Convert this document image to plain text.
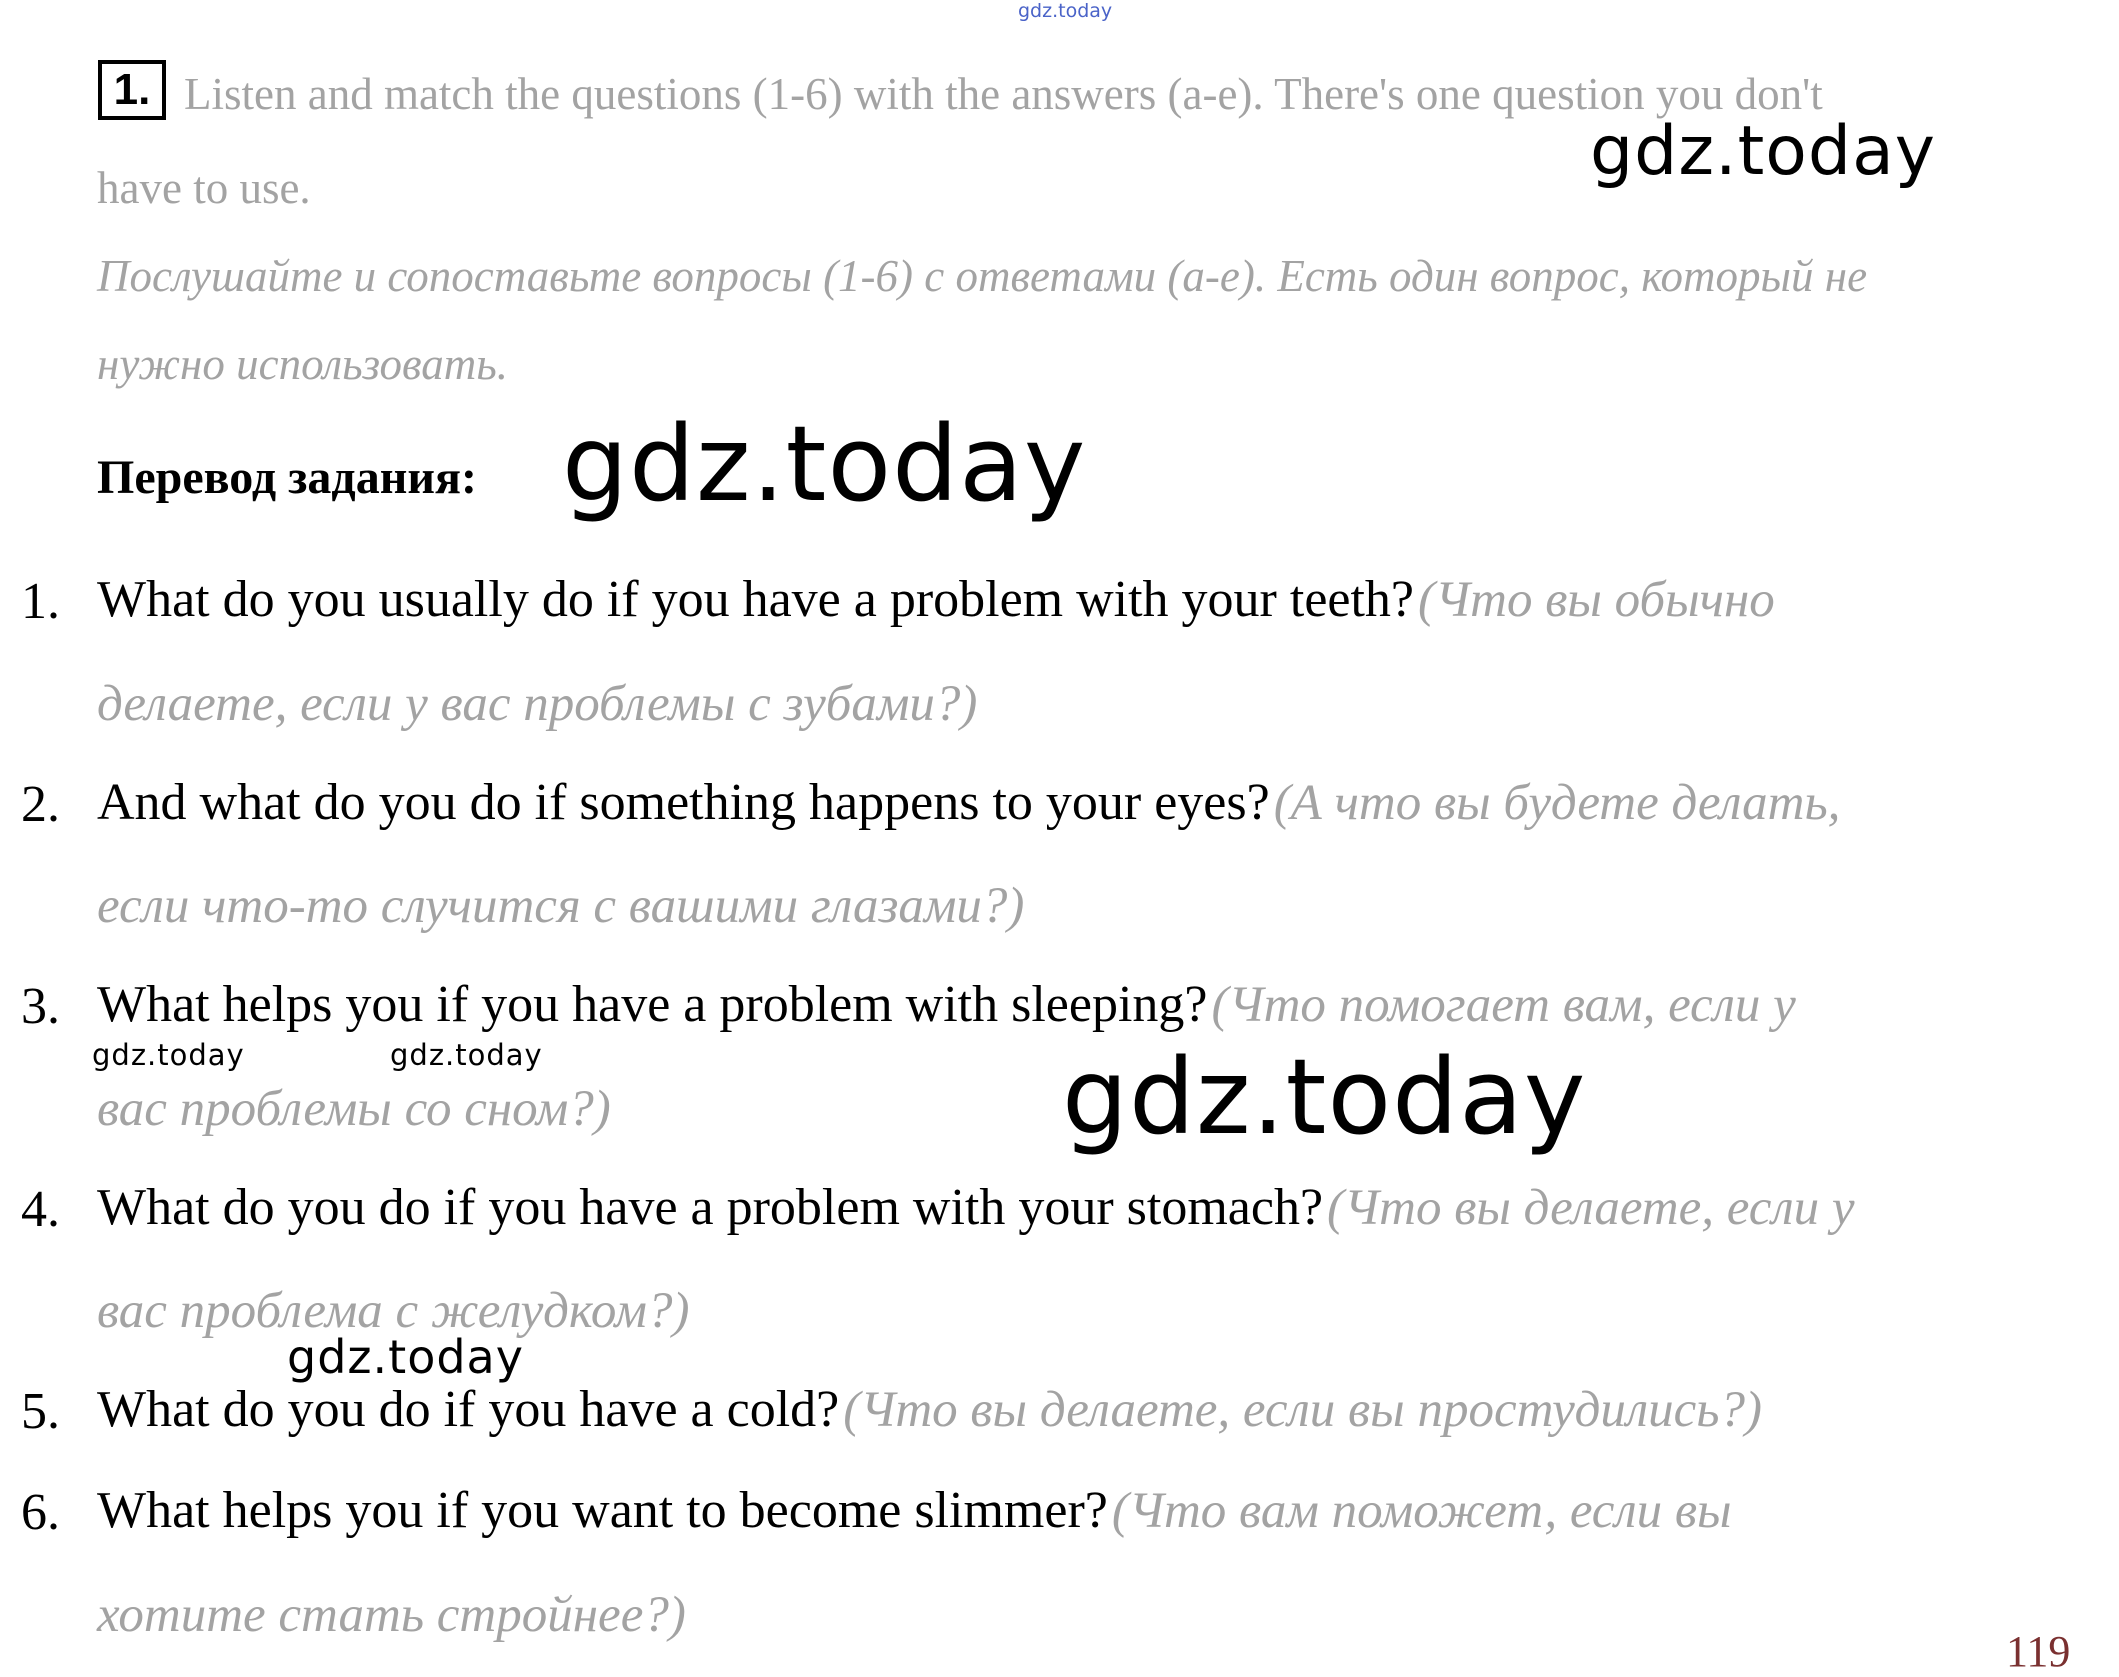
gdz.today
1. Listen and match the questions (1-6) with the answers (a-e). There's one question you don't
have to use.
Послушайте и сопоставьте вопросы (1-6) с ответами (a-e). Есть один вопрос, который не
нужно использовать.
Перевод задания:
1. What do you usually do if you have a problem with your teeth? (Что вы обычно
делаете, если у вас проблемы с зубами?)
2. And what do you do if something happens to your eyes? (А что вы будете делать,
если что-то случится с вашими глазами?)
3. What helps you if you have a problem with sleeping? (Что помогает вам, если у
вас проблемы со сном?)
4. What do you do if you have a problem with your stomach? (Что вы делаете, если у
вас проблема с желудком?)
5. What do you do if you have a cold? (Что вы делаете, если вы простудились?)
6. What helps you if you want to become slimmer? (Что вам поможет, если вы
хотите стать стройнее?)
gdz.today
gdz.today
gdz.today	gdz.today	gdz.today
gdz.today
119
